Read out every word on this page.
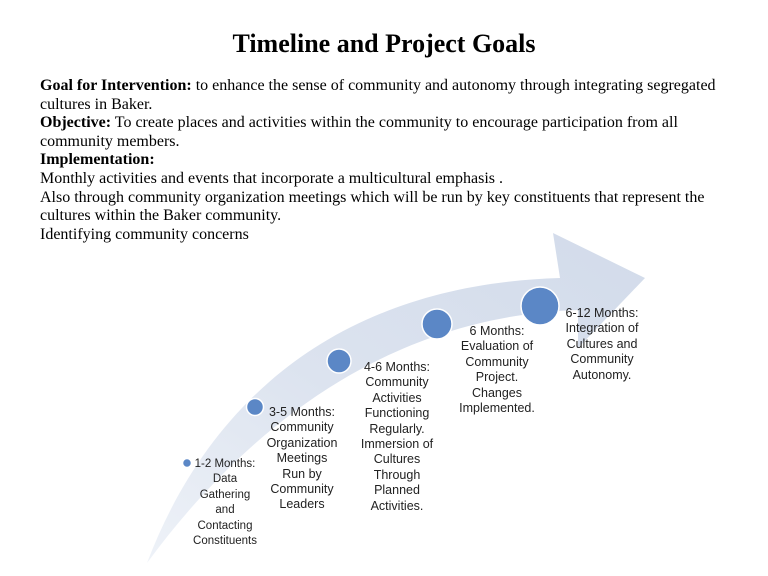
Timeline and Project Goals

Goal for Intervention: to enhance the sense of community and autonomy through integrating segregated cultures in Baker.

Objective: To create places and activities within the community to encourage participation from all community members.

Implementation:

Monthly activities and events that incorporate a multicultural emphasis .

Also through community organization meetings which will be run by key constituents that represent the cultures within the Baker community.

Identifying community concerns

1-2 Months:
Data
Gathering
and
Contacting
Constituents
3-5 Months:
Community
Organization
Meetings
Run by
Community
Leaders
4-6 Months:
Community
Activities
Functioning
Regularly.
Immersion of
Cultures
Through
Planned
Activities.
6 Months:
Evaluation of
Community
Project.
Changes
Implemented.
6-12 Months:
Integration of
Cultures and
Community
Autonomy.
